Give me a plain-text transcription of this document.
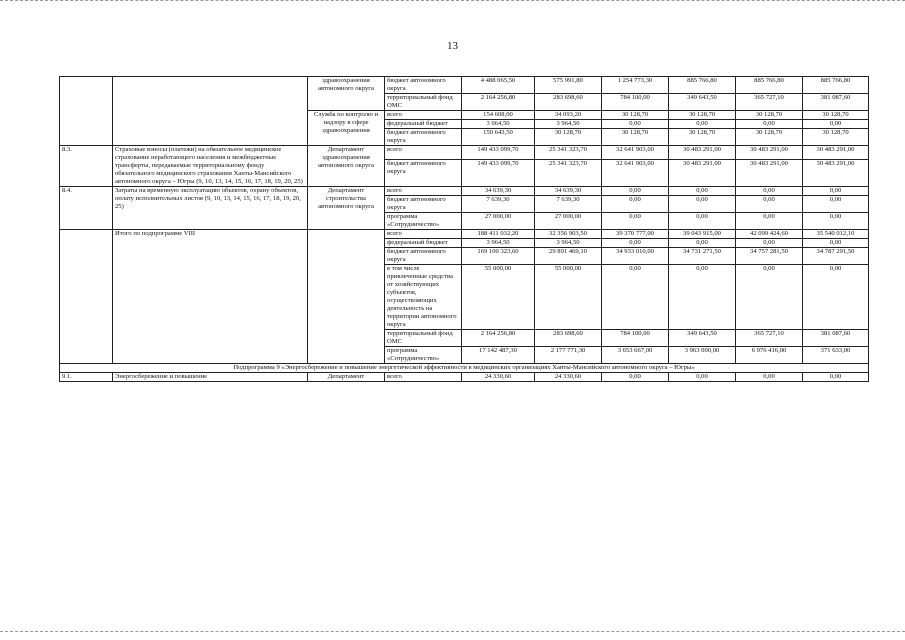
13
		здравоохранения автономного округа	бюджет автономного округа	4 488 065,50	575 991,80	1 254 773,30	885 766,80	885 766,80	885 766,80
			территориальный фонд ОМС	2 164 256,80	283 698,60	784 100,00	349 643,50	365 727,10	381 087,60
		Служба по контролю и надзору в сфере здравоохранения	всего	154 608,00	34 093,20	30 128,70	30 128,70	30 128,70	30 128,70
			федеральный бюджет	3 964,50	3 964,50	0,00	0,00	0,00	0,00
			бюджет автономного округа	150 643,50	30 128,70	30 128,70	30 128,70	30 128,70	30 128,70
8.3.	Страховые взносы (платежи) на обязательное медицинское страхование неработающего населения и межбюджетные трансферты, передаваемые территориальному фонду обязательного медицинского страхования Ханты-Мансийского автономного округа – Югры (9, 10, 13, 14, 15, 16, 17, 18, 19, 20, 25)	Департамент здравоохранения автономного округа	всего	149 433 099,70	25 341 323,70	32 641 903,00	30 483 291,00	30 483 291,00	30 483 291,00
			бюджет автономного округа	149 433 099,70	25 341 323,70	32 641 903,00	30 483 291,00	30 483 291,00	30 483 291,00
8.4.	Затраты на временную эксплуатацию объектов, охрану объектов, оплату исполнительных листов (9, 10, 13, 14, 15, 16, 17, 18, 19, 20, 25)	Департамент строительства автономного округа	всего	34 639,30	34 639,30	0,00	0,00	0,00	0,00
			бюджет автономного округа	7 639,30	7 639,30	0,00	0,00	0,00	0,00
			программа «Сотрудничество»	27 000,00	27 000,00	0,00	0,00	0,00	0,00
	Итого по подпрограмме VIII		всего	188 411 032,20	32 356 903,50	39 370 777,00	39 043 915,00	42 099 424,60	35 540 012,10
			федеральный бюджет	3 964,50	3 964,50	0,00	0,00	0,00	0,00
			бюджет автономного округа	169 100 323,60	29 891 469,10	34 933 010,00	34 731 271,50	34 757 281,50	34 787 291,50
			в том числе привлеченные средства от хозяйствующих субъектов, осуществляющих деятельность на территории автономного округа	55 000,00	55 000,00	0,00	0,00	0,00	0,00
			территориальный фонд ОМС	2 164 256,80	283 698,60	784 100,00	349 643,50	365 727,10	381 087,60
			программа «Сотрудничество»	17 142 487,30	2 177 771,30	3 653 667,00	3 963 000,00	6 976 416,00	371 633,00
Подпрограмма 9 «Энергосбережение и повышение энергетической эффективности в медицинских организациях Ханты-Мансийского автономного округа – Югры»									
9.1.	Энергосбережение и повышение	Департамент	всего	24 330,60	24 330,60	0,00	0,00	0,00	0,00
